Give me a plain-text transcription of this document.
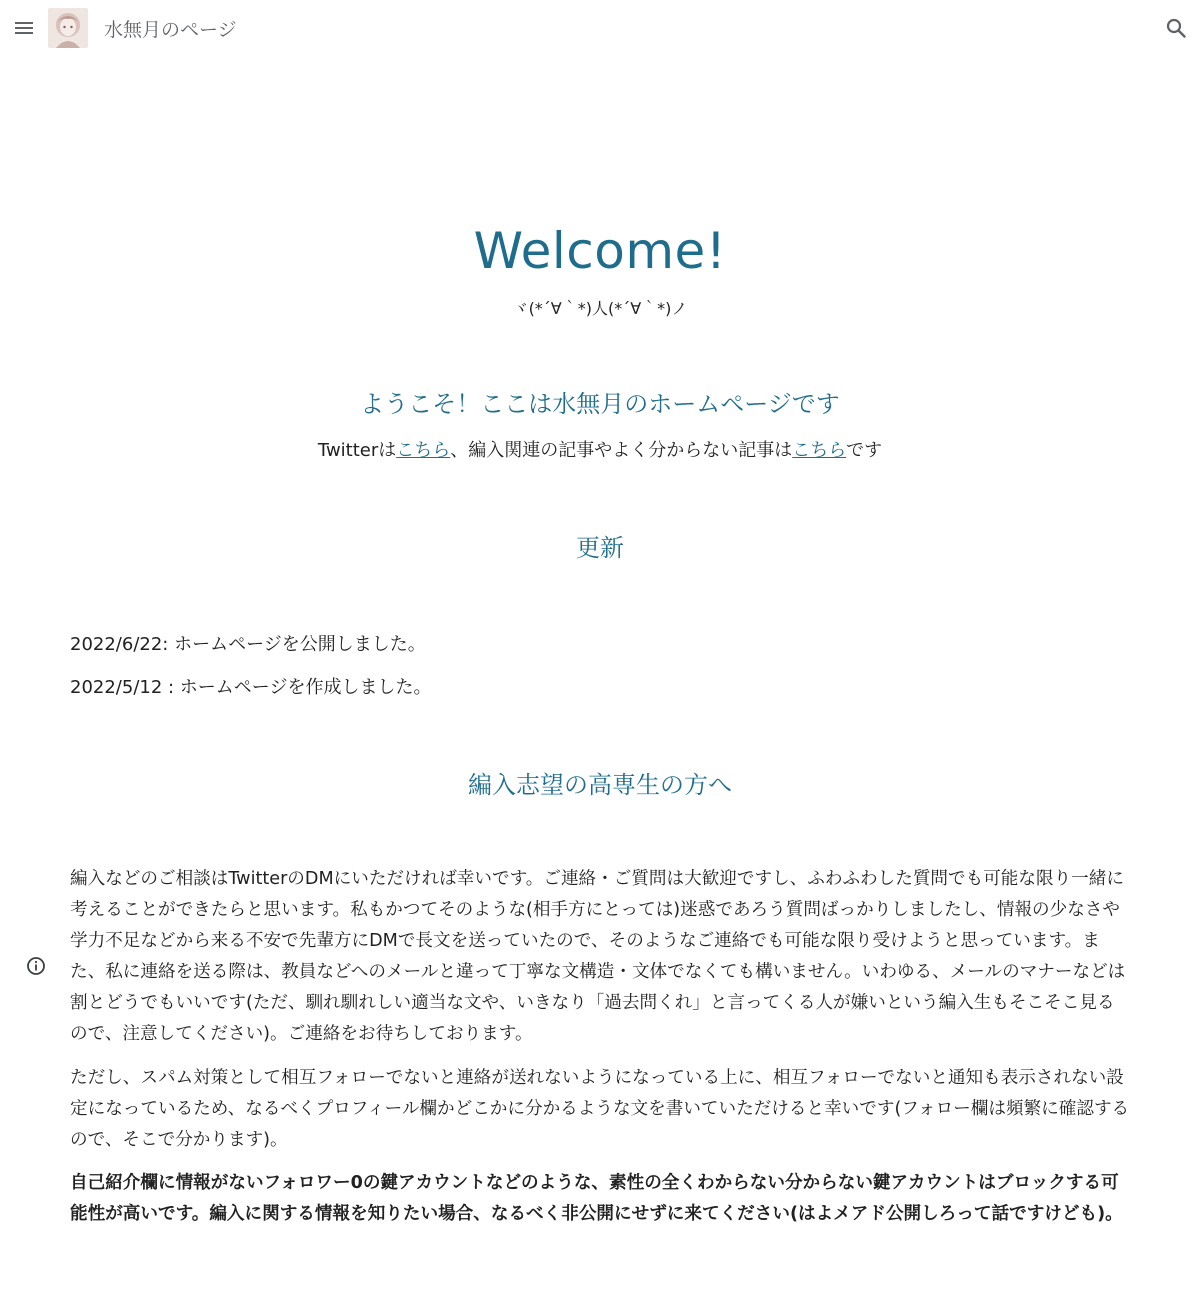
水無月のページ
Welcome!

ヾ(*´∀｀*)人(*´∀｀*)ノ

ようこそ！ここは水無月のホームページです

Twitterはこちら、編入関連の記事やよく分からない記事はこちらです

更新

2022/6/22: ホームページを公開しました。

2022/5/12 : ホームページを作成しました。

編入志望の高専生の方へ

編入などのご相談はTwitterのDMにいただければ幸いです。ご連絡・ご質問は大歓迎ですし、ふわふわした質問でも可能な限り一緒に考えることができたらと思います。私もかつてそのような(相手方にとっては)迷惑であろう質問ばっかりしましたし、情報の少なさや学力不足などから来る不安で先輩方にDMで長文を送っていたので、そのようなご連絡でも可能な限り受けようと思っています。また、私に連絡を送る際は、教員などへのメールと違って丁寧な文構造・文体でなくても構いません。いわゆる、メールのマナーなどは割とどうでもいいです(ただ、馴れ馴れしい適当な文や、いきなり「過去問くれ」と言ってくる人が嫌いという編入生もそこそこ見るので、注意してください)。ご連絡をお待ちしております。

ただし、スパム対策として相互フォローでないと連絡が送れないようになっている上に、相互フォローでないと通知も表示されない設定になっているため、なるべくプロフィール欄かどこかに分かるような文を書いていただけると幸いです(フォロー欄は頻繁に確認するので、そこで分かります)。

自己紹介欄に情報がないフォロワー0の鍵アカウントなどのような、素性の全くわからない分からない鍵アカウントはブロックする可能性が高いです。編入に関する情報を知りたい場合、なるべく非公開にせずに来てください(はよメアド公開しろって話ですけども)。
